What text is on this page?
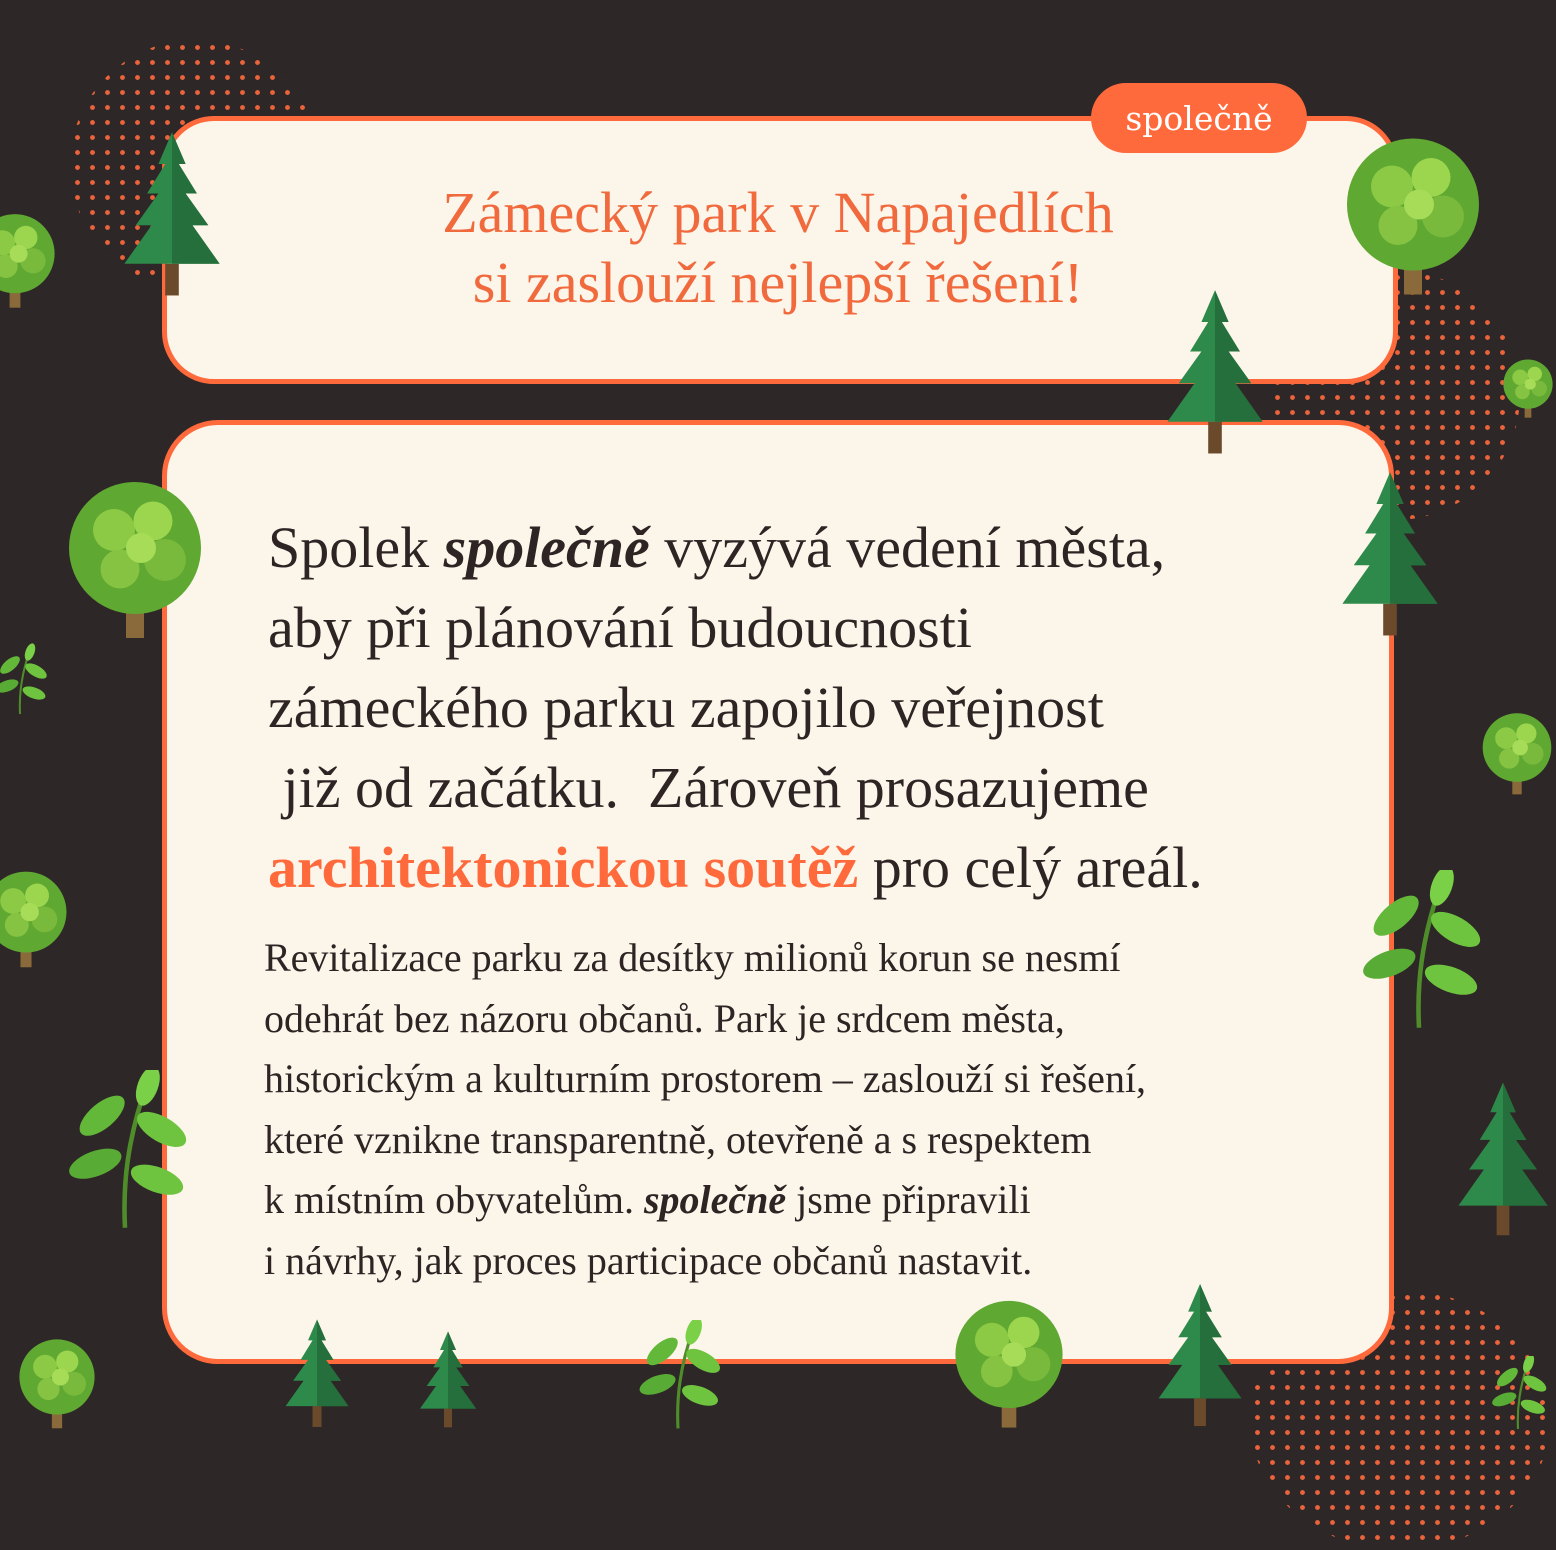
společně
Zámecký park v Napajedlích
si zaslouží nejlepší řešení!
Spolek společně vyzývá vedení města,
aby při plánování budoucnosti
zámeckého parku zapojilo veřejnost
již od začátku.  Zároveň prosazujeme
architektonickou soutěž pro celý areál.
Revitalizace parku za desítky milionů korun se nesmí
odehrát bez názoru občanů. Park je srdcem města,
historickým a kulturním prostorem – zaslouží si řešení,
které vznikne transparentně, otevřeně a s respektem
k místním obyvatelům. společně jsme připravili
i návrhy, jak proces participace občanů nastavit.
